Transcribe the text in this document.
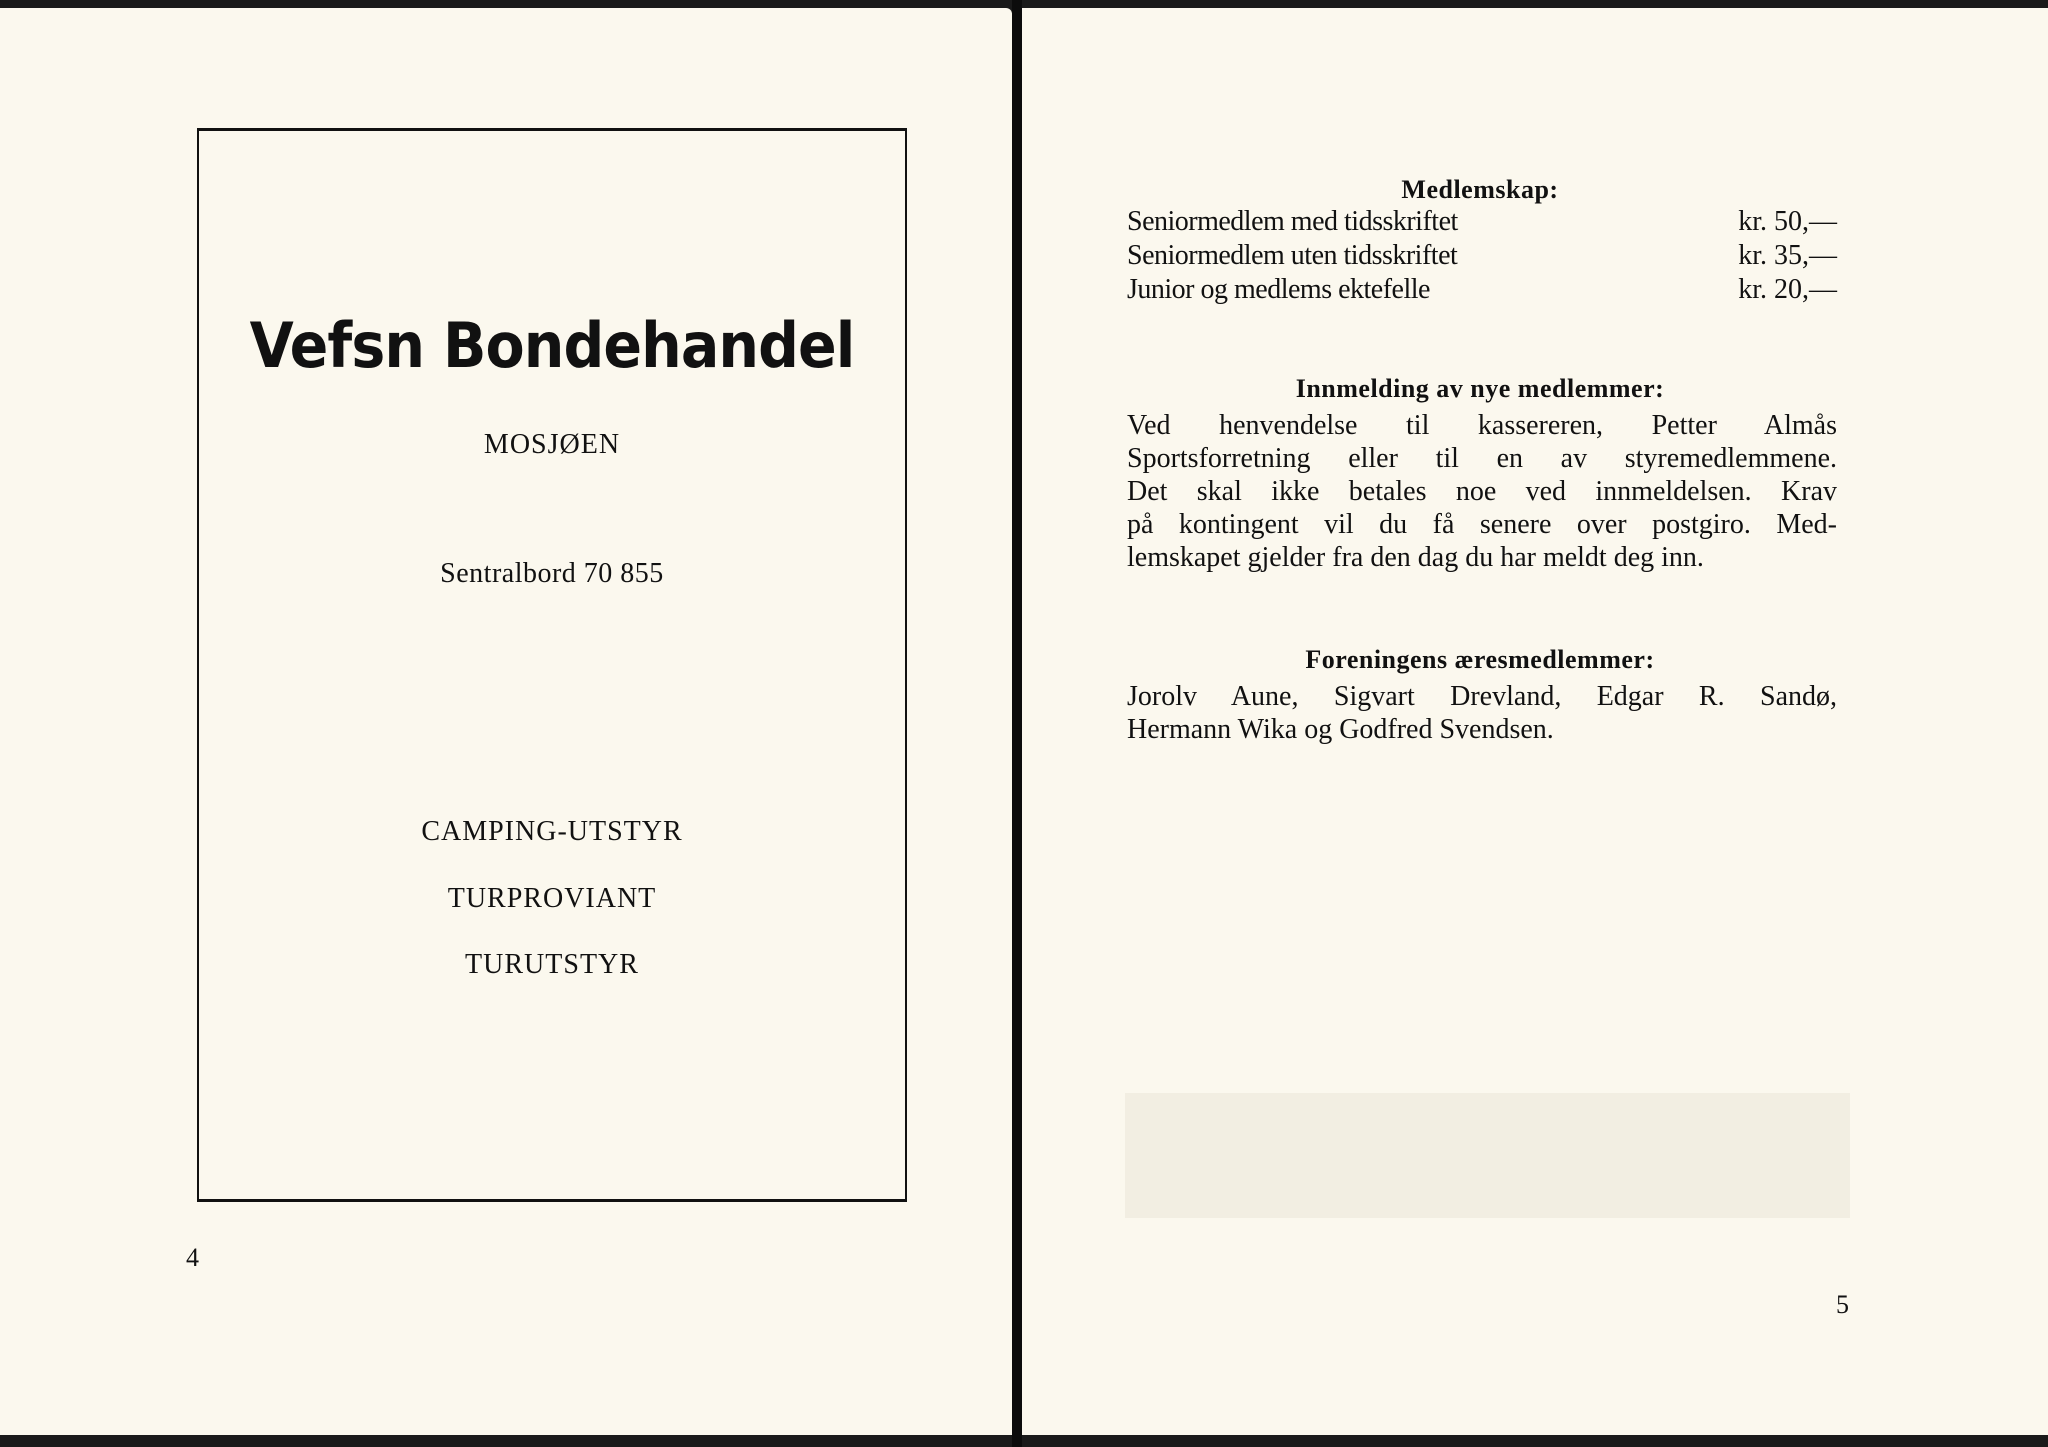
Vefsn Bondehandel
MOSJØEN
Sentralbord 70 855
CAMPING-UTSTYR
TURPROVIANT
TURUTSTYR
4
Medlemskap:
Seniormedlem med tidsskriftet	kr. 50,—
Seniormedlem uten tidsskriftet	kr. 35,—
Junior og medlems ektefelle	kr. 20,—
Innmelding av nye medlemmer:
Ved henvendelse til kassereren, Petter Almås
Sportsforretning eller til en av styremedlemmene.
Det skal ikke betales noe ved innmeldelsen. Krav
på kontingent vil du få senere over postgiro. Med-
lemskapet gjelder fra den dag du har meldt deg inn.
Foreningens æresmedlemmer:
Jorolv Aune, Sigvart Drevland, Edgar R. Sandø,
Hermann Wika og Godfred Svendsen.
5
